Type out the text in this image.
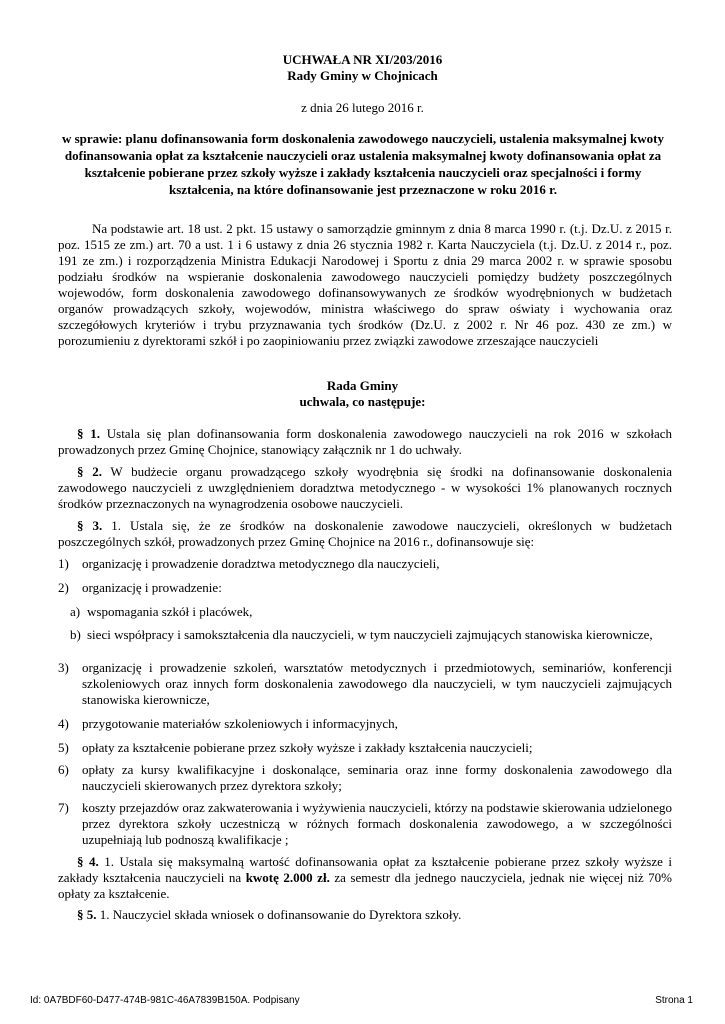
UCHWAŁA NR XI/203/2016
Rady Gminy w Chojnicach
z dnia 26 lutego 2016 r.
w sprawie: planu dofinansowania form doskonalenia zawodowego nauczycieli, ustalenia maksymalnej kwoty dofinansowania opłat za kształcenie nauczycieli oraz ustalenia maksymalnej kwoty dofinansowania opłat za kształcenie pobierane przez szkoły wyższe i zakłady kształcenia nauczycieli oraz specjalności i formy kształcenia, na które dofinansowanie jest przeznaczone w roku 2016 r.
Na podstawie art. 18 ust. 2 pkt. 15 ustawy o samorządzie gminnym z dnia 8 marca 1990 r. (t.j. Dz.U. z 2015 r. poz. 1515 ze zm.) art. 70 a ust. 1 i 6 ustawy z dnia 26 stycznia 1982 r. Karta Nauczyciela (t.j. Dz.U. z 2014 r., poz. 191 ze zm.) i rozporządzenia Ministra Edukacji Narodowej i Sportu z dnia 29 marca 2002 r. w sprawie sposobu podziału środków na wspieranie doskonalenia zawodowego nauczycieli pomiędzy budżety poszczególnych wojewodów, form doskonalenia zawodowego dofinansowywanych ze środków wyodrębnionych w budżetach organów prowadzących szkoły, wojewodów, ministra właściwego do spraw oświaty i wychowania oraz szczegółowych kryteriów i trybu przyznawania tych środków (Dz.U. z 2002 r. Nr 46 poz. 430 ze zm.) w porozumieniu z dyrektorami szkół i po zaopiniowaniu przez związki zawodowe zrzeszające nauczycieli
Rada Gminy
uchwala, co następuje:
§ 1. Ustala się plan dofinansowania form doskonalenia zawodowego nauczycieli na rok 2016 w szkołach prowadzonych przez Gminę Chojnice, stanowiący załącznik nr 1 do uchwały.
§ 2. W budżecie organu prowadzącego szkoły wyodrębnia się środki na dofinansowanie doskonalenia zawodowego nauczycieli z uwzględnieniem doradztwa metodycznego - w wysokości 1% planowanych rocznych środków przeznaczonych na wynagrodzenia osobowe nauczycieli.
§ 3. 1. Ustala się, że ze środków na doskonalenie zawodowe nauczycieli, określonych w budżetach poszczególnych szkół, prowadzonych przez Gminę Chojnice na 2016 r., dofinansowuje się:
1) organizację i prowadzenie doradztwa metodycznego dla nauczycieli,
2) organizację i prowadzenie:
a) wspomagania szkół i placówek,
b) sieci współpracy i samokształcenia dla nauczycieli, w tym nauczycieli zajmujących stanowiska kierownicze,
3) organizację i prowadzenie szkoleń, warsztatów metodycznych i przedmiotowych, seminariów, konferencji szkoleniowych oraz innych form doskonalenia zawodowego dla nauczycieli, w tym nauczycieli zajmujących stanowiska kierownicze,
4) przygotowanie materiałów szkoleniowych i informacyjnych,
5) opłaty za kształcenie pobierane przez szkoły wyższe i zakłady kształcenia nauczycieli;
6) opłaty za kursy kwalifikacyjne i doskonalące, seminaria oraz inne formy doskonalenia zawodowego dla nauczycieli skierowanych przez dyrektora szkoły;
7) koszty przejazdów oraz zakwaterowania i wyżywienia nauczycieli, którzy na podstawie skierowania udzielonego przez dyrektora szkoły uczestniczą w różnych formach doskonalenia zawodowego, a w szczególności uzupełniają lub podnoszą kwalifikacje ;
§ 4. 1. Ustala się maksymalną wartość dofinansowania opłat za kształcenie pobierane przez szkoły wyższe i zakłady kształcenia nauczycieli na kwotę 2.000 zł. za semestr dla jednego nauczyciela, jednak nie więcej niż 70% opłaty za kształcenie.
§ 5. 1. Nauczyciel składa wniosek o dofinansowanie do Dyrektora szkoły.
Id: 0A7BDF60-D477-474B-981C-46A7839B150A. Podpisany	Strona 1
